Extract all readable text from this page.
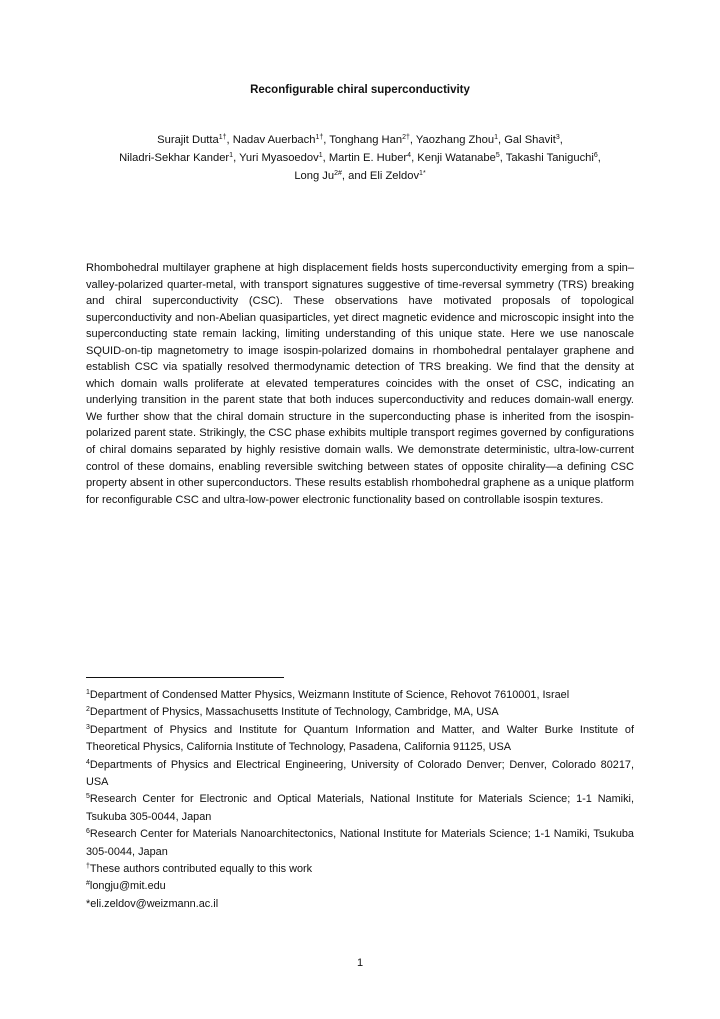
Reconfigurable chiral superconductivity
Surajit Dutta$^{1\dagger}$, Nadav Auerbach$^{1\dagger}$, Tonghang Han$^{2\dagger}$, Yaozhang Zhou$^1$, Gal Shavit$^3$,
Niladri-Sekhar Kander$^1$, Yuri Myasoedov$^1$, Martin E. Huber$^4$, Kenji Watanabe$^5$, Takashi Taniguchi$^6$,
Long $Ju^{2\#}$, and Eli Zeldov$^{1*}$
Rhombohedral multilayer graphene at high displacement fields hosts superconductivity emerging from a spin–valley-polarized quarter-metal, with transport signatures suggestive of time-reversal symmetry (TRS) breaking and chiral superconductivity (CSC). These observations have motivated proposals of topological superconductivity and non-Abelian quasiparticles, yet direct magnetic evidence and microscopic insight into the superconducting state remain lacking, limiting understanding of this unique state. Here we use nanoscale SQUID-on-tip magnetometry to image isospin-polarized domains in rhombohedral pentalayer graphene and establish CSC via spatially resolved thermodynamic detection of TRS breaking. We find that the density at which domain walls proliferate at elevated temperatures coincides with the onset of CSC, indicating an underlying transition in the parent state that both induces superconductivity and reduces domain-wall energy. We further show that the chiral domain structure in the superconducting phase is inherited from the isospin-polarized parent state. Strikingly, the CSC phase exhibits multiple transport regimes governed by configurations of chiral domains separated by highly resistive domain walls. We demonstrate deterministic, ultra-low-current control of these domains, enabling reversible switching between states of opposite chirality—a defining CSC property absent in other superconductors. These results establish rhombohedral graphene as a unique platform for reconfigurable CSC and ultra-low-power electronic functionality based on controllable isospin textures.

$^1$Department of Condensed Matter Physics, Weizmann Institute of Science, Rehovot 7610001, Israel

$^2$Department of Physics, Massachusetts Institute of Technology, Cambridge, MA, USA

$^3$Department of Physics and Institute for Quantum Information and Matter, and Walter Burke Institute of Theoretical Physics, California Institute of Technology, Pasadena, California 91125, USA

$^4$Departments of Physics and Electrical Engineering, University of Colorado Denver; Denver, Colorado 80217, USA

$^5$Research Center for Electronic and Optical Materials, National Institute for Materials Science; 1-1 Namiki, Tsukuba 305-0044, Japan

$^6$Research Center for Materials Nanoarchitectonics, National Institute for Materials Science; 1-1 Namiki, Tsukuba 305-0044, Japan

†These authors contributed equally to this work

#longju@mit.edu

*eli.zeldov@weizmann.ac.il

1
